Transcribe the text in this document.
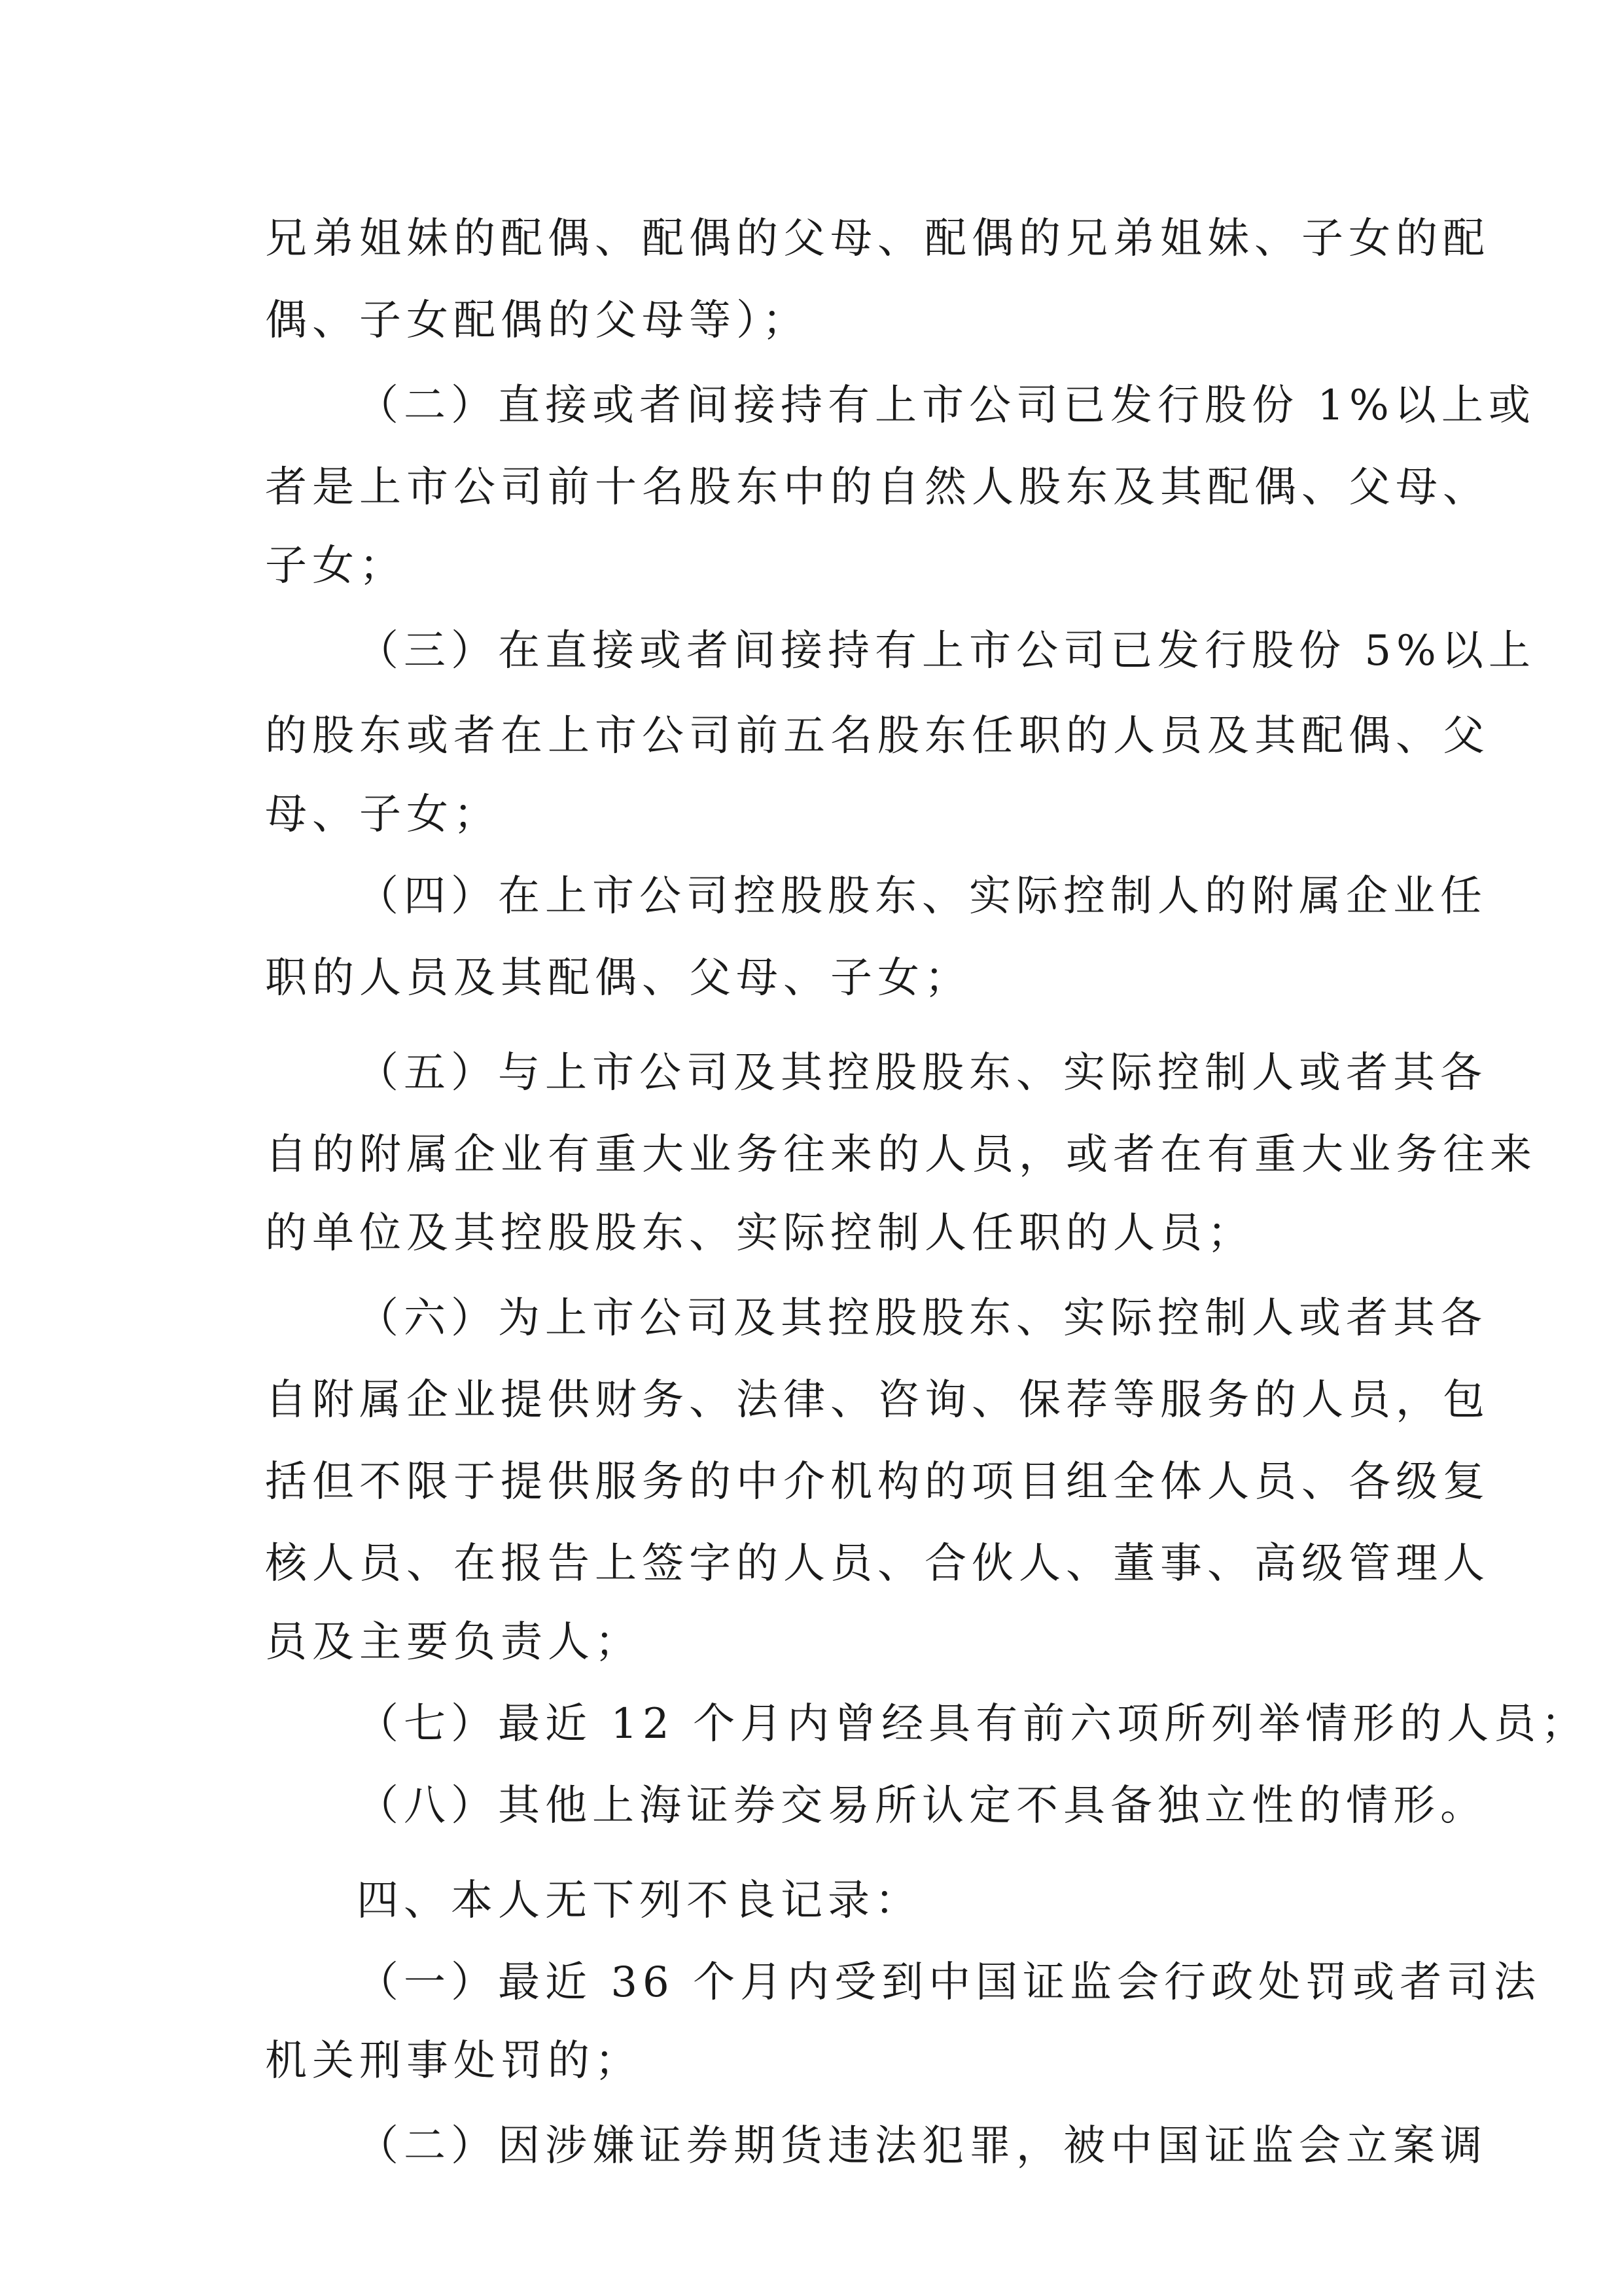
兄弟姐妹的配偶、配偶的父母、配偶的兄弟姐妹、子女的配
偶、子女配偶的父母等）；
（二）直接或者间接持有上市公司已发行股份 1%以上或
者是上市公司前十名股东中的自然人股东及其配偶、父母、
子女；
（三）在直接或者间接持有上市公司已发行股份 5%以上
的股东或者在上市公司前五名股东任职的人员及其配偶、父
母、子女；
（四）在上市公司控股股东、实际控制人的附属企业任
职的人员及其配偶、父母、子女；
（五）与上市公司及其控股股东、实际控制人或者其各
自的附属企业有重大业务往来的人员，或者在有重大业务往来
的单位及其控股股东、实际控制人任职的人员；
（六）为上市公司及其控股股东、实际控制人或者其各
自附属企业提供财务、法律、咨询、保荐等服务的人员，包
括但不限于提供服务的中介机构的项目组全体人员、各级复
核人员、在报告上签字的人员、合伙人、董事、高级管理人
员及主要负责人；
（七）最近 12 个月内曾经具有前六项所列举情形的人员；
（八）其他上海证券交易所认定不具备独立性的情形。
四、本人无下列不良记录：
（一）最近 36 个月内受到中国证监会行政处罚或者司法
机关刑事处罚的；
（二）因涉嫌证券期货违法犯罪，被中国证监会立案调
